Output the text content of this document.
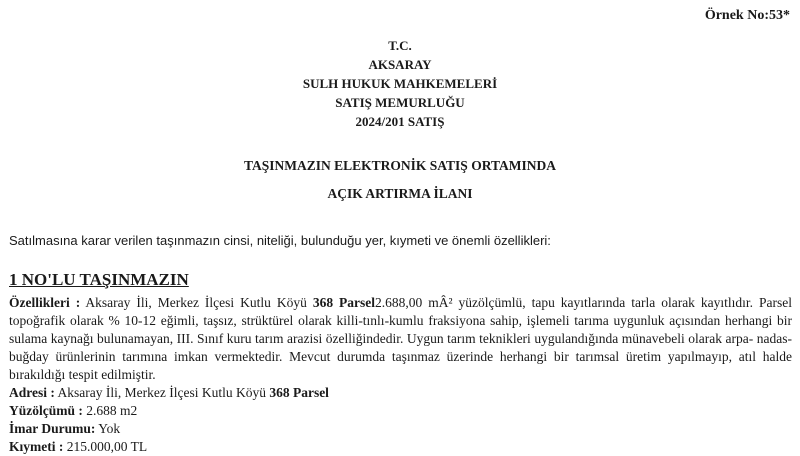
Örnek No:53*
T.C.
AKSARAY
SULH HUKUK MAHKEMELERİ
SATIŞ MEMURLUĞU
2024/201 SATIŞ
TAŞINMAZIN ELEKTRONİK SATIŞ ORTAMINDA
AÇIK ARTIRMA İLANI
Satılmasına karar verilen taşınmazın cinsi, niteliği, bulunduğu yer, kıymeti ve önemli özellikleri:
1 NO'LU TAŞINMAZIN
Özellikleri : Aksaray İli, Merkez İlçesi Kutlu Köyü 368 Parsel2.688,00 mÂ² yüzölçümlü, tapu kayıtlarında tarla olarak kayıtlıdır. Parsel topoğrafik olarak % 10-12 eğimli, taşsız, strüktürel olarak killi-tınlı-kumlu fraksiyona sahip, işlemeli tarıma uygunluk açısından herhangi bir sulama kaynağı bulunamayan, III. Sınıf kuru tarım arazisi özelliğindedir. Uygun tarım teknikleri uygulandığında münavebeli olarak arpa- nadas- buğday ürünlerinin tarımına imkan vermektedir. Mevcut durumda taşınmaz üzerinde herhangi bir tarımsal üretim yapılmayıp, atıl halde bırakıldığı tespit edilmiştir.
Adresi : Aksaray İli, Merkez İlçesi Kutlu Köyü 368 Parsel
Yüzölçümü : 2.688 m2
İmar Durumu: Yok
Kıymeti : 215.000,00 TL
